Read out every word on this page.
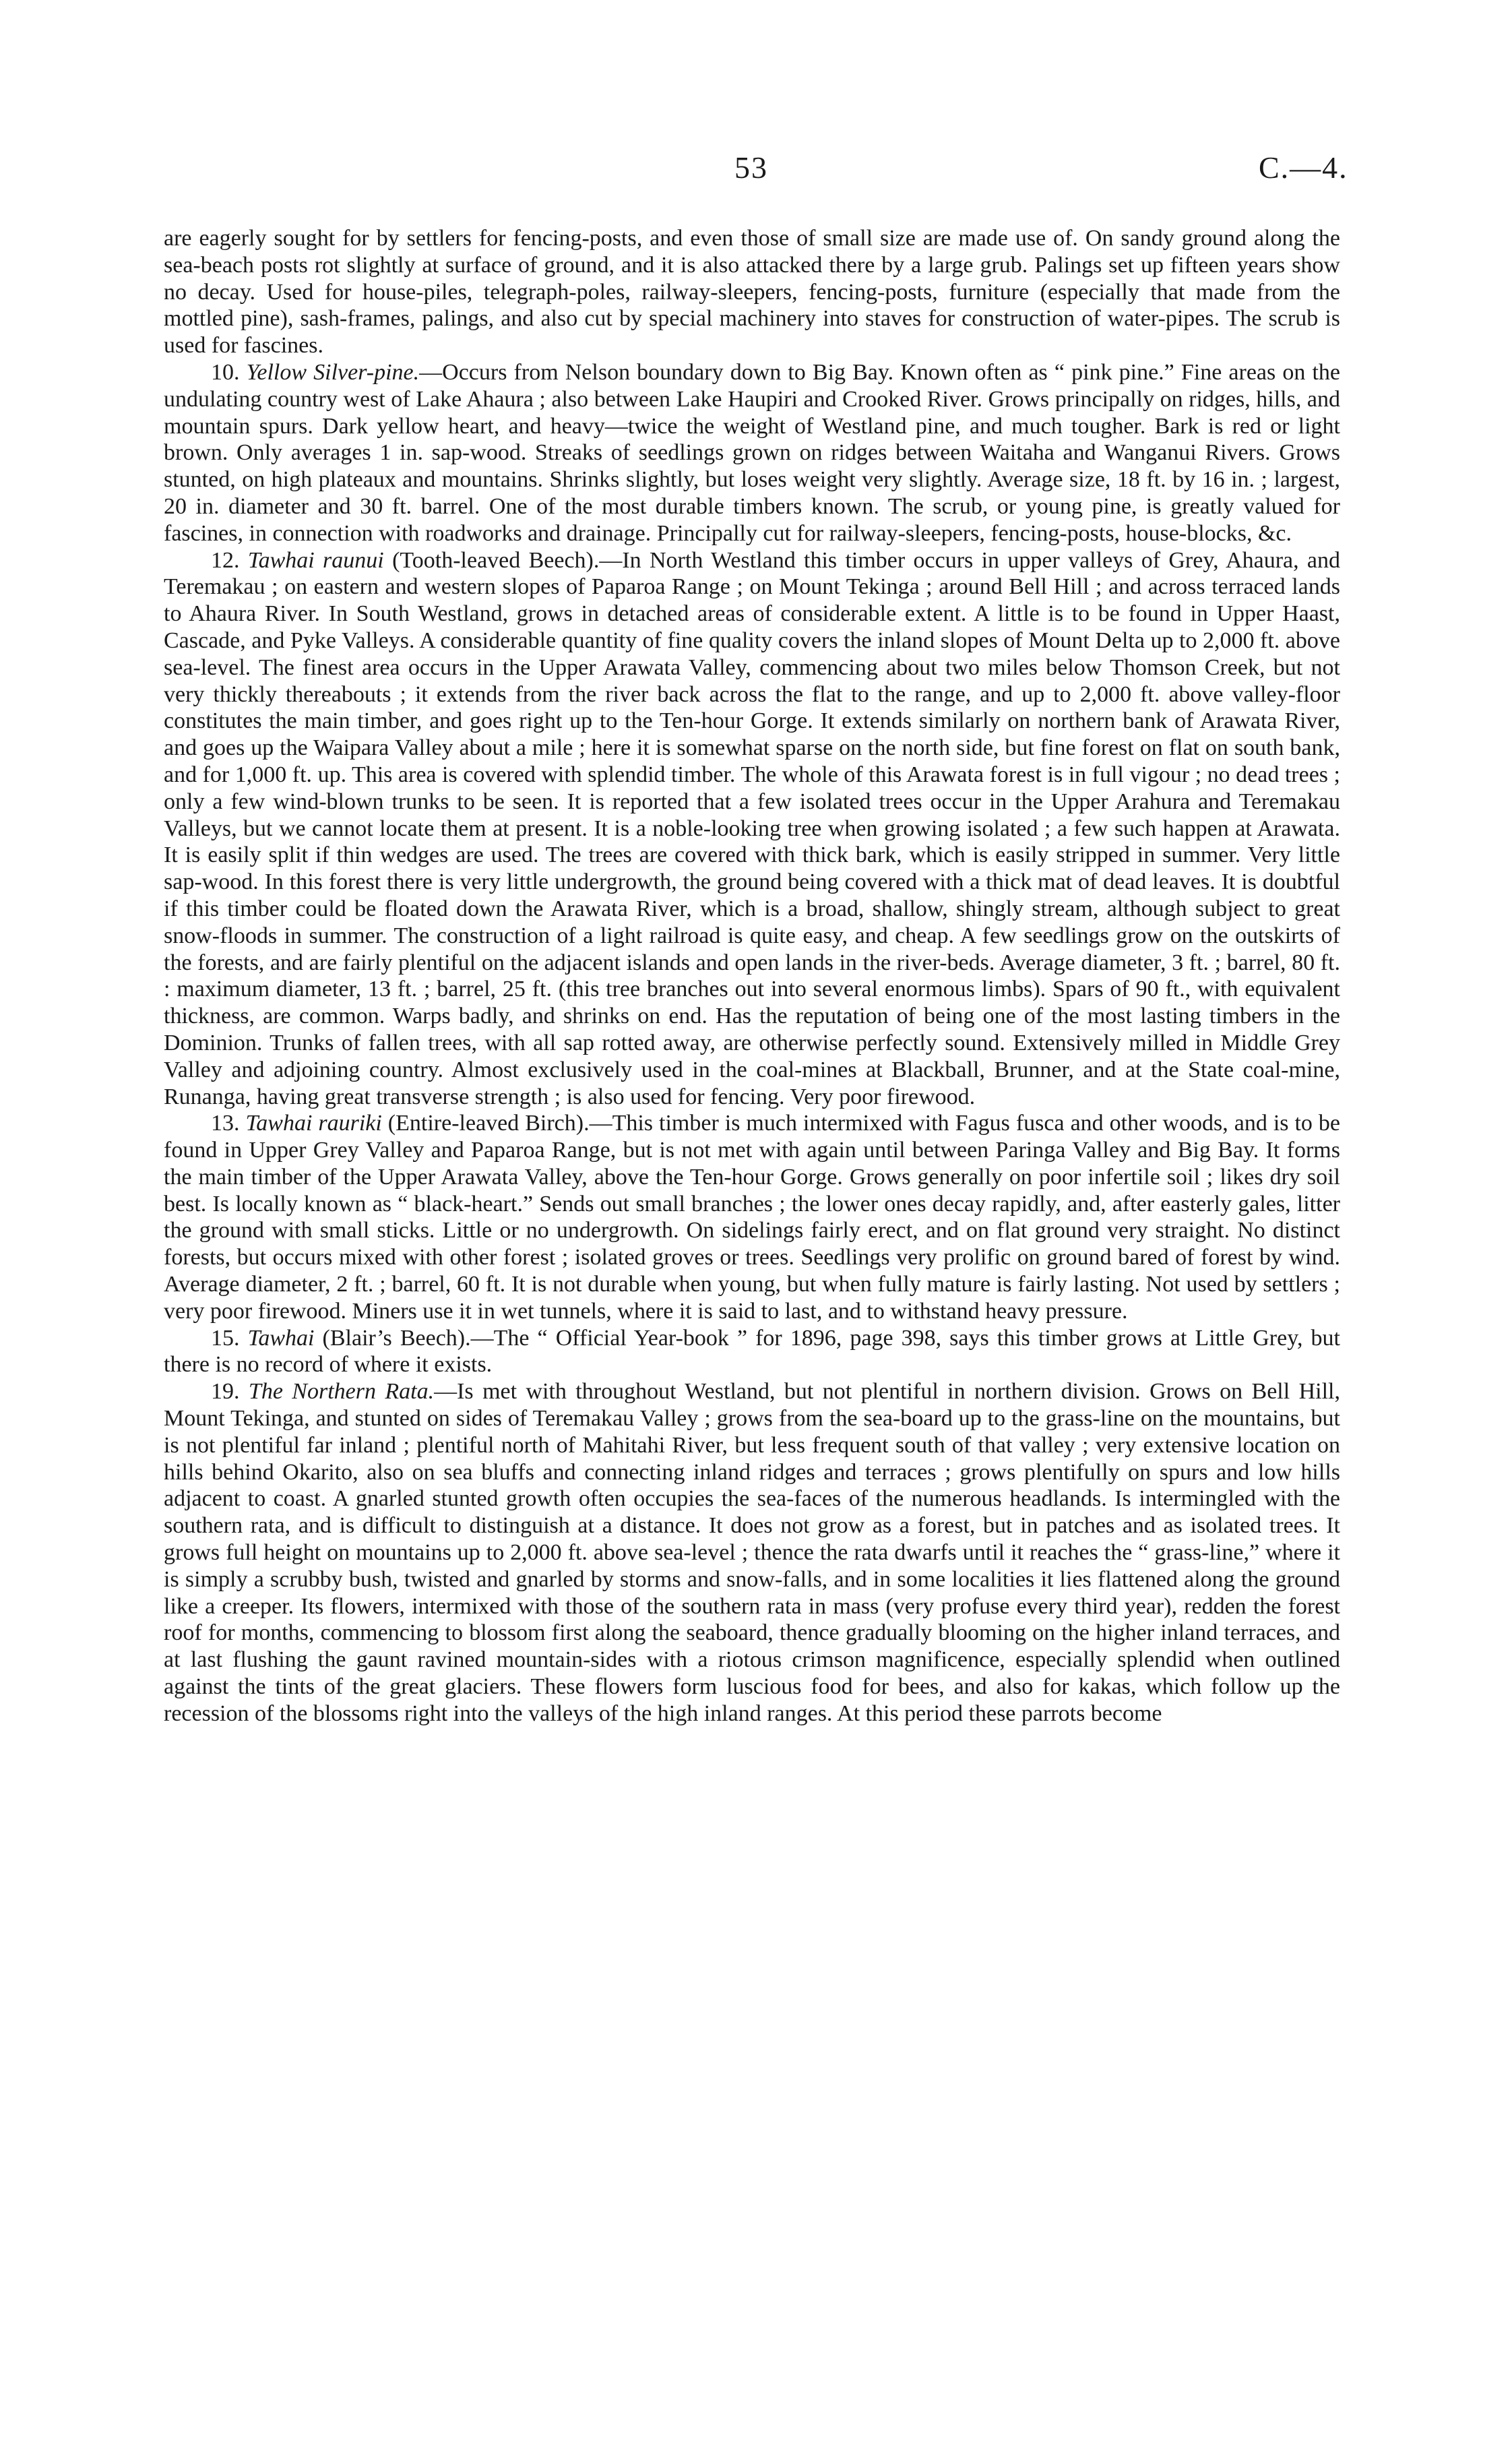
53	C.—4.

are eagerly sought for by settlers for fencing-posts, and even those of small size are made use of. On sandy ground along the sea-beach posts rot slightly at surface of ground, and it is also attacked there by a large grub. Palings set up fifteen years show no decay. Used for house-piles, telegraph-poles, railway-sleepers, fencing-posts, furniture (especially that made from the mottled pine), sash-frames, palings, and also cut by special machinery into staves for construction of water-pipes. The scrub is used for fascines.

10. Yellow Silver-pine.—Occurs from Nelson boundary down to Big Bay. Known often as “ pink pine.” Fine areas on the undulating country west of Lake Ahaura ; also between Lake Haupiri and Crooked River. Grows principally on ridges, hills, and mountain spurs. Dark yellow heart, and heavy—twice the weight of Westland pine, and much tougher. Bark is red or light brown. Only averages 1 in. sap-wood. Streaks of seedlings grown on ridges between Waitaha and Wanganui Rivers. Grows stunted, on high plateaux and mountains. Shrinks slightly, but loses weight very slightly. Average size, 18 ft. by 16 in. ; largest, 20 in. diameter and 30 ft. barrel. One of the most durable timbers known. The scrub, or young pine, is greatly valued for fascines, in connection with roadworks and drainage. Principally cut for railway-sleepers, fencing-posts, house-blocks, &c.

12. Tawhai raunui (Tooth-leaved Beech).—In North Westland this timber occurs in upper valleys of Grey, Ahaura, and Teremakau ; on eastern and western slopes of Paparoa Range ; on Mount Tekinga ; around Bell Hill ; and across terraced lands to Ahaura River. In South Westland, grows in detached areas of considerable extent. A little is to be found in Upper Haast, Cascade, and Pyke Valleys. A considerable quantity of fine quality covers the inland slopes of Mount Delta up to 2,000 ft. above sea-level. The finest area occurs in the Upper Arawata Valley, commencing about two miles below Thomson Creek, but not very thickly thereabouts ; it extends from the river back across the flat to the range, and up to 2,000 ft. above valley-floor constitutes the main timber, and goes right up to the Ten-hour Gorge. It extends similarly on northern bank of Arawata River, and goes up the Waipara Valley about a mile ; here it is somewhat sparse on the north side, but fine forest on flat on south bank, and for 1,000 ft. up. This area is covered with splendid timber. The whole of this Arawata forest is in full vigour ; no dead trees ; only a few wind-blown trunks to be seen. It is reported that a few isolated trees occur in the Upper Arahura and Teremakau Valleys, but we cannot locate them at present. It is a noble-looking tree when growing isolated ; a few such happen at Arawata. It is easily split if thin wedges are used. The trees are covered with thick bark, which is easily stripped in summer. Very little sap-wood. In this forest there is very little undergrowth, the ground being covered with a thick mat of dead leaves. It is doubtful if this timber could be floated down the Arawata River, which is a broad, shallow, shingly stream, although subject to great snow-floods in summer. The construction of a light railroad is quite easy, and cheap. A few seedlings grow on the outskirts of the forests, and are fairly plentiful on the adjacent islands and open lands in the river-beds. Average diameter, 3 ft. ; barrel, 80 ft. : maximum diameter, 13 ft. ; barrel, 25 ft. (this tree branches out into several enormous limbs). Spars of 90 ft., with equivalent thickness, are common. Warps badly, and shrinks on end. Has the reputation of being one of the most lasting timbers in the Dominion. Trunks of fallen trees, with all sap rotted away, are otherwise perfectly sound. Extensively milled in Middle Grey Valley and adjoining country. Almost exclusively used in the coal-mines at Blackball, Brunner, and at the State coal-mine, Runanga, having great transverse strength ; is also used for fencing. Very poor firewood.

13. Tawhai rauriki (Entire-leaved Birch).—This timber is much intermixed with Fagus fusca and other woods, and is to be found in Upper Grey Valley and Paparoa Range, but is not met with again until between Paringa Valley and Big Bay. It forms the main timber of the Upper Arawata Valley, above the Ten-hour Gorge. Grows generally on poor infertile soil ; likes dry soil best. Is locally known as “ black-heart.” Sends out small branches ; the lower ones decay rapidly, and, after easterly gales, litter the ground with small sticks. Little or no undergrowth. On sidelings fairly erect, and on flat ground very straight. No distinct forests, but occurs mixed with other forest ; isolated groves or trees. Seedlings very prolific on ground bared of forest by wind. Average diameter, 2 ft. ; barrel, 60 ft. It is not durable when young, but when fully mature is fairly lasting. Not used by settlers ; very poor firewood. Miners use it in wet tunnels, where it is said to last, and to withstand heavy pressure.

15. Tawhai (Blair’s Beech).—The “ Official Year-book ” for 1896, page 398, says this timber grows at Little Grey, but there is no record of where it exists.

19. The Northern Rata.—Is met with throughout Westland, but not plentiful in northern division. Grows on Bell Hill, Mount Tekinga, and stunted on sides of Teremakau Valley ; grows from the sea-board up to the grass-line on the mountains, but is not plentiful far inland ; plentiful north of Mahitahi River, but less frequent south of that valley ; very extensive location on hills behind Okarito, also on sea bluffs and connecting inland ridges and terraces ; grows plentifully on spurs and low hills adjacent to coast. A gnarled stunted growth often occupies the sea-faces of the numerous headlands. Is intermingled with the southern rata, and is difficult to distinguish at a distance. It does not grow as a forest, but in patches and as isolated trees. It grows full height on mountains up to 2,000 ft. above sea-level ; thence the rata dwarfs until it reaches the “ grass-line,” where it is simply a scrubby bush, twisted and gnarled by storms and snow-falls, and in some localities it lies flattened along the ground like a creeper. Its flowers, intermixed with those of the southern rata in mass (very profuse every third year), redden the forest roof for months, commencing to blossom first along the seaboard, thence gradually blooming on the higher inland terraces, and at last flushing the gaunt ravined mountain-sides with a riotous crimson magnificence, especially splendid when outlined against the tints of the great glaciers. These flowers form luscious food for bees, and also for kakas, which follow up the recession of the blossoms right into the valleys of the high inland ranges. At this period these parrots become
